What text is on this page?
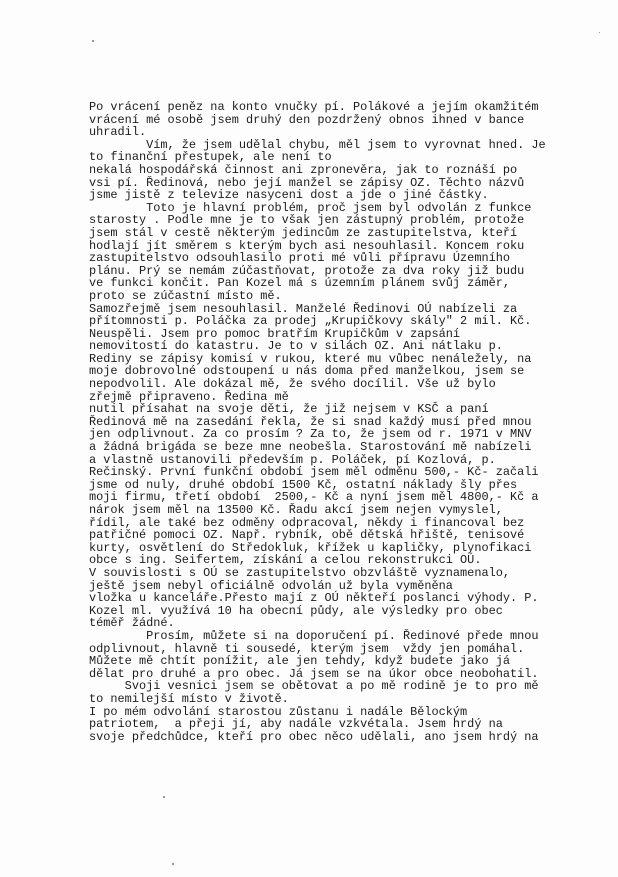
Po vrácení peněz na konto vnučky pí. Polákové a jejím okamžitém
vrácení mé osobě jsem druhý den pozdržený obnos ihned v bance
uhradil.
Vím, že jsem udělal chybu, měl jsem to vyrovnat hned. Je
to finanční přestupek, ale není to
nekalá hospodářská činnost ani zpronevěra, jak to roznáší po
vsi pí. Ředinová, nebo její manžel se zápisy OZ. Těchto názvů
jsme jistě z televize nasyceni dost a jde o jiné částky.
Toto je hlavní problém, proč jsem byl odvolán z funkce
starosty . Podle mne je to však jen zástupný problém, protože
jsem stál v cestě některým jedincům ze zastupitelstva, kteří
hodlají jít směrem s kterým bych asi nesouhlasil. Koncem roku
zastupitelstvo odsouhlasilo proti mé vůli přípravu Územního
plánu. Prý se nemám zúčastňovat, protože za dva roky již budu
ve funkci končit. Pan Kozel má s územním plánem svůj záměr,
proto se zúčastní místo mě.
Samozřejmě jsem nesouhlasil. Manželé Ředinovi OÚ nabízeli za
přítomnosti p. Poláčka za prodej „Krupičkovy skály" 2 mil. Kč.
Neuspěli. Jsem pro pomoc bratřím Krupičkům v zapsání
nemovitostí do katastru. Je to v silách OZ. Ani nátlaku p.
Rediny se zápisy komisí v rukou, které mu vůbec nenáležely, na
moje dobrovolné odstoupení u nás doma před manželkou, jsem se
nepodvolil. Ale dokázal mě, že svého docílil. Vše už bylo
zřejmě připraveno. Ředina mě
nutil přísahat na svoje děti, že již nejsem v KSČ a paní
Ředinová mě na zasedání řekla, že si snad každý musí před mnou
jen odplivnout. Za co prosím ? Za to, že jsem od r. 1971 v MNV
a žádná brigáda se beze mne neobešla. Starostování mě nabízeli
a vlastně ustanovili především p. Poláček, pí Kozlová, p.
Rečinský. První funkční období jsem měl odměnu 500,- Kč- začali
jsme od nuly, druhé období 1500 Kč, ostatní náklady šly přes
moji firmu, třetí období  2500,- Kč a nyní jsem měl 4800,- Kč a
nárok jsem měl na 13500 Kč. Řadu akcí jsem nejen vymyslel,
řídil, ale také bez odměny odpracoval, někdy i financoval bez
patřičné pomoci OZ. Např. rybník, obě dětská hřiště, tenisové
kurty, osvětlení do Středokluk, křížek u kapličky, plynofikaci
obce s ing. Seifertem, získání a celou rekonstrukci OÚ.
V souvislosti s OÚ se zastupitelstvo obzvláště vyznamenalo,
ještě jsem nebyl oficiálně odvolán už byla vyměněna
vložka u kanceláře.Přesto mají z OÚ někteří poslanci výhody. P.
Kozel ml. využívá 10 ha obecní půdy, ale výsledky pro obec
téměř žádné.
Prosím, můžete si na doporučení pí. Ředinové přede mnou
odplivnout, hlavně ti sousedé, kterým jsem  vždy jen pomáhal.
Můžete mě chtít ponížit, ale jen tehdy, když budete jako já
dělat pro druhé a pro obec. Já jsem se na úkor obce neobohatil.
Svoji vesnici jsem se obětovat a po mě rodině je to pro mě
to nemilejší místo v životě.
I po mém odvolání starostou zůstanu i nadále Bělockým
patriotem,  a přeji jí, aby nadále vzkvétala. Jsem hrdý na
svoje předchůdce, kteří pro obec něco udělali, ano jsem hrdý na
